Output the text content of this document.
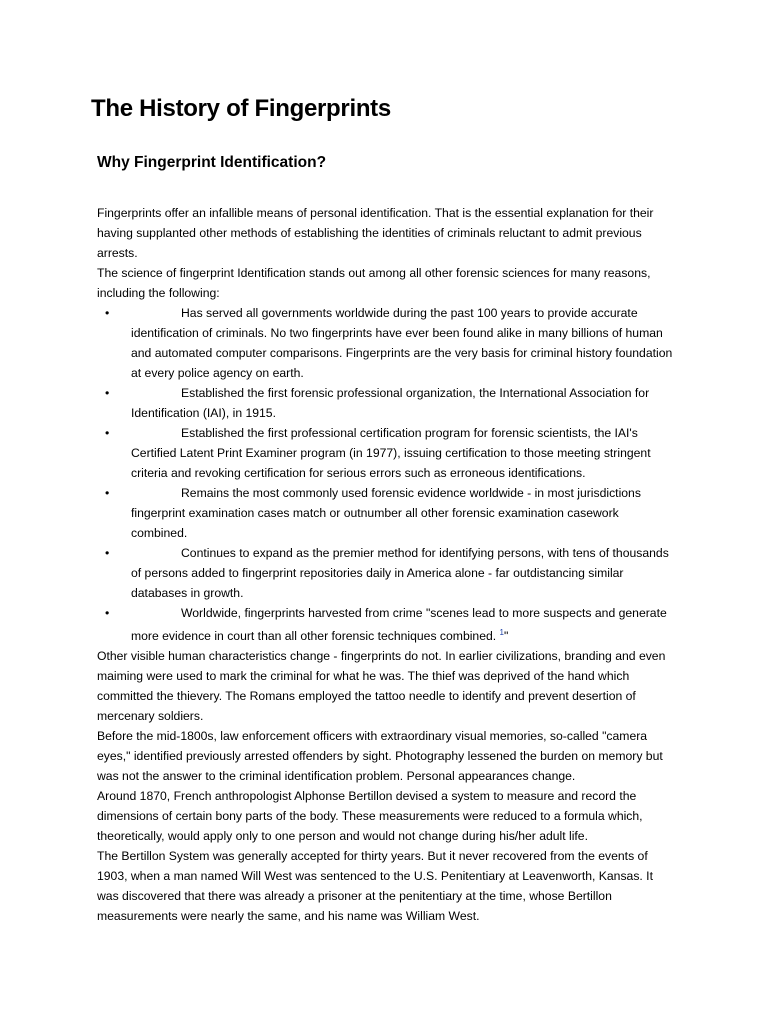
The History of Fingerprints
Why Fingerprint Identification?

Fingerprints offer an infallible means of personal identification. That is the essential explanation for their having supplanted other methods of establishing the identities of criminals reluctant to admit previous arrests.

The science of fingerprint Identification stands out among all other forensic sciences for many reasons, including the following:

•	Has served all governments worldwide during the past 100 years to provide accurate identification of criminals. No two fingerprints have ever been found alike in many billions of human and automated computer comparisons. Fingerprints are the very basis for criminal history foundation at every police agency on earth.
•	Established the first forensic professional organization, the International Association for Identification (IAI), in 1915.
•	Established the first professional certification program for forensic scientists, the IAI's Certified Latent Print Examiner program (in 1977), issuing certification to those meeting stringent criteria and revoking certification for serious errors such as erroneous identifications.
•	Remains the most commonly used forensic evidence worldwide - in most jurisdictions fingerprint examination cases match or outnumber all other forensic examination casework combined.
•	Continues to expand as the premier method for identifying persons, with tens of thousands of persons added to fingerprint repositories daily in America alone - far outdistancing similar databases in growth.
•	Worldwide, fingerprints harvested from crime "scenes lead to more suspects and generate more evidence in court than all other forensic techniques combined. $^1$"

Other visible human characteristics change - fingerprints do not. In earlier civilizations, branding and even maiming were used to mark the criminal for what he was. The thief was deprived of the hand which committed the thievery. The Romans employed the tattoo needle to identify and prevent desertion of mercenary soldiers.

Before the mid-1800s, law enforcement officers with extraordinary visual memories, so-called "camera eyes," identified previously arrested offenders by sight. Photography lessened the burden on memory but was not the answer to the criminal identification problem. Personal appearances change.

Around 1870, French anthropologist Alphonse Bertillon devised a system to measure and record the dimensions of certain bony parts of the body. These measurements were reduced to a formula which, theoretically, would apply only to one person and would not change during his/her adult life.

The Bertillon System was generally accepted for thirty years. But it never recovered from the events of 1903, when a man named Will West was sentenced to the U.S. Penitentiary at Leavenworth, Kansas. It was discovered that there was already a prisoner at the penitentiary at the time, whose Bertillon measurements were nearly the same, and his name was William West.
